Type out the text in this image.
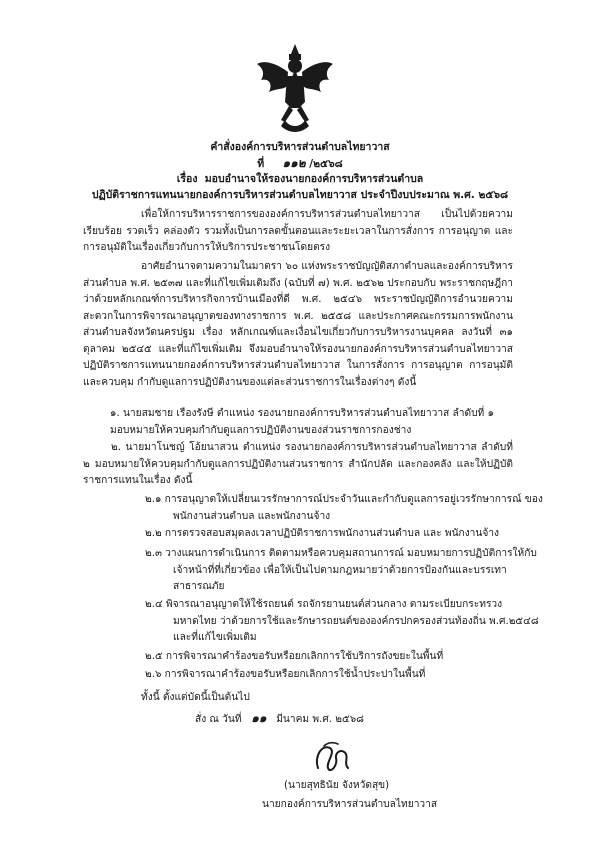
คำสั่งองค์การบริหารส่วนตำบลไทยาวาส
ที่ ๑๑๒ /๒๕๖๘
เรื่อง มอบอำนาจให้รองนายกองค์การบริหารส่วนตำบล
ปฏิบัติราชการแทนนายกองค์การบริหารส่วนตำบลไทยาวาส ประจำปีงบประมาณ พ.ศ. ๒๕๖๘
เพื่อให้การบริหารราชการขององค์การบริหารส่วนตำบลไทยาวาส เป็นไปด้วยความเรียบร้อย รวดเร็ว คล่องตัว รวมทั้งเป็นการลดขั้นตอนและระยะเวลาในการสั่งการ การอนุญาต และการอนุมัติในเรื่องเกี่ยวกับการให้บริการประชาชนโดยตรง
อาศัยอำนาจตามความในมาตรา ๖๐ แห่งพระราชบัญญัติสภาตำบลและองค์การบริหารส่วนตำบล พ.ศ. ๒๕๓๗ และที่แก้ไขเพิ่มเติมถึง (ฉบับที่ ๗) พ.ศ. ๒๕๖๒ ประกอบกับ พระราชกฤษฎีกา ว่าด้วยหลักเกณฑ์การบริหารกิจการบ้านเมืองที่ดี พ.ศ. ๒๕๔๖ พระราชบัญญัติการอำนวยความสะดวกในการพิจารณาอนุญาตของทางราชการ พ.ศ. ๒๕๕๘ และประกาศคณะกรรมการพนักงานส่วนตำบลจังหวัดนครปฐม เรื่อง หลักเกณฑ์และเงื่อนไขเกี่ยวกับการบริหารงานบุคคล ลงวันที่ ๓๑ ตุลาคม ๒๕๔๕ และที่แก้ไขเพิ่มเติม จึงมอบอำนาจให้รองนายกองค์การบริหารส่วนตำบลไทยาวาส ปฏิบัติราชการแทนนายกองค์การบริหารส่วนตำบลไทยาวาส ในการสั่งการ การอนุญาต การอนุมัติ และควบคุม กำกับดูแลการปฏิบัติงานของแต่ละส่วนราชการในเรื่องต่างๆ ดังนี้
๑. นายสมชาย เรืองรังษี ตำแหน่ง รองนายกองค์การบริหารส่วนตำบลไทยาวาส ลำดับที่ ๑ มอบหมายให้ควบคุมกำกับดูแลการปฏิบัติงานของส่วนราชการกองช่าง
๒. นายมาโนชญ์ โอ้ยนาสวน ตำแหน่ง รองนายกองค์การบริหารส่วนตำบลไทยาวาส ลำดับที่ ๒ มอบหมายให้ควบคุมกำกับดูแลการปฏิบัติงานส่วนราชการ สำนักปลัด และกองคลัง และให้ปฏิบัติราชการแทนในเรื่อง ดังนี้
๒.๑ การอนุญาตให้เปลี่ยนเวรรักษาการณ์ประจำวันและกำกับดูแลการอยู่เวรรักษาการณ์ ของพนักงานส่วนตำบล และพนักงานจ้าง
๒.๒ การตรวจสอบสมุดลงเวลาปฏิบัติราชการพนักงานส่วนตำบล และ พนักงานจ้าง
๒.๓ วางแผนการดำเนินการ ติดตามหรือควบคุมสถานการณ์ มอบหมายการปฏิบัติการให้กับ เจ้าหน้าที่ที่เกี่ยวข้อง เพื่อให้เป็นไปตามกฎหมายว่าด้วยการป้องกันและบรรเทาสาธารณภัย
๒.๔ พิจารณาอนุญาตให้ใช้รถยนต์ รถจักรยานยนต์ส่วนกลาง ตามระเบียบกระทรวงมหาดไทย ว่าด้วยการใช้และรักษารถยนต์ขององค์กรปกครองส่วนท้องถิ่น พ.ศ.๒๕๔๘ และที่แก้ไขเพิ่มเติม
๒.๕ การพิจารณาคำร้องขอรับหรือยกเลิกการใช้บริการถังขยะในพื้นที่
๒.๖ การพิจารณาคำร้องขอรับหรือยกเลิกการใช้น้ำประปาในพื้นที่
ทั้งนี้ ตั้งแต่บัดนี้เป็นต้นไป
สั่ง ณ วันที่ ๑๑ มีนาคม พ.ศ. ๒๕๖๘
(นายสุทธินัย จังหวัดสุข)
นายกองค์การบริหารส่วนตำบลไทยาวาส
